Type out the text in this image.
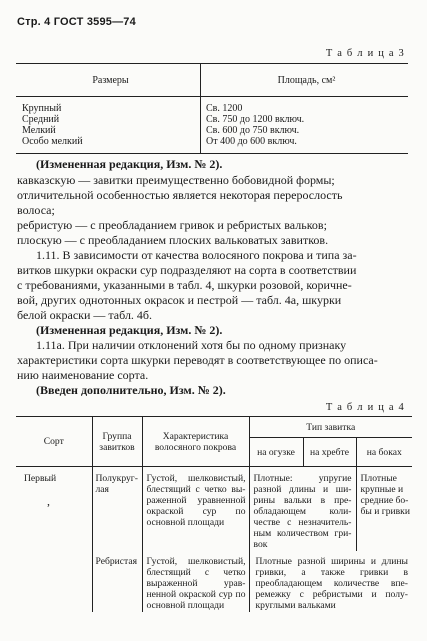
Стр. 4 ГОСТ 3595—74
Т а б л и ц а 3
Размеры	Площадь, см²

Крупный	Св. 1200
Средний	Св. 750 до 1200 включ.
Мелкий	Св. 600 до 750 включ.
Особо мелкий	От 400 до 600 включ.
(Измененная редакция, Изм. № 2).
кавказскую — завитки преимущественно бобовидной формы;
отличительной особенностью является некоторая перерослость
волоса;
ребристую — с преобладанием гривок и ребристых вальков;
плоскую — с преобладанием плоских вальковатых завитков.
1.11. В зависимости от качества волосяного покрова и типа за-
витков шкурки окраски сур подразделяют на сорта в соответствии
с требованиями, указанными в табл. 4, шкурки розовой, коричне-
вой, других однотонных окрасок и пестрой — табл. 4а, шкурки
белой окраски — табл. 4б.
(Измененная редакция, Изм. № 2).
1.11а. При наличии отклонений хотя бы по одному признаку
характеристики сорта шкурки переводят в соответствующее по описа-
нию наименование сорта.
(Введен дополнительно, Изм. № 2).
Т а б л и ц а 4
Сорт	Группа завитков	Характеристика волосяного покрова	Тип завитка		
			на огузке	на хребте	на боках
Первый	Полукруглая	Густой, шелковистый, блестящий с четко выраженной уравненной окраской сур по основной площади	Плотные: упругие разной длины и ширины вальки в преобладающем количестве с незначительным количеством гривок		Плотные крупные и средние бобы и гривки
	Ребристая	Густой, шелковистый, блестящий с четко выраженной уравненной окраской сур по основной площади	Плотные разной ширины и длины гривки, а также гривки в преобладающем количестве вперемежку с ребристыми и полукруглыми вальками		
,
